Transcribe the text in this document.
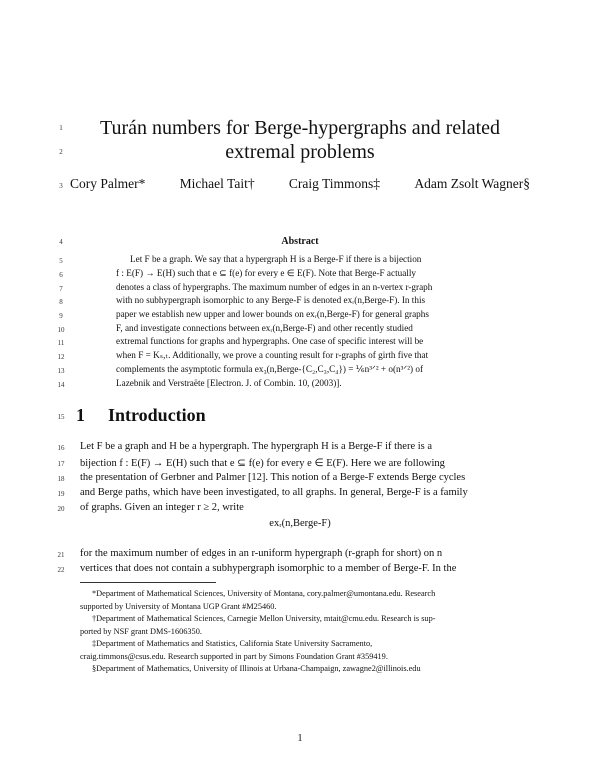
1
2
3
4
5
6
7
8
9
10
11
12
13
14
15
16
17
18
19
20
21
22
Turán numbers for Berge-hypergraphs and related
extremal problems
Cory Palmer*	Michael Tait†	Craig Timmons‡	Adam Zsolt Wagner§
Abstract
Let F be a graph. We say that a hypergraph H is a Berge-F if there is a bijection
f : E(F) → E(H) such that e ⊆ f(e) for every e ∈ E(F). Note that Berge-F actually
denotes a class of hypergraphs. The maximum number of edges in an n-vertex r-graph
with no subhypergraph isomorphic to any Berge-F is denoted exᵣ(n,Berge-F). In this
paper we establish new upper and lower bounds on exᵣ(n,Berge-F) for general graphs
F, and investigate connections between exᵣ(n,Berge-F) and other recently studied
extremal functions for graphs and hypergraphs. One case of specific interest will be
when F = Kₛ,ₜ. Additionally, we prove a counting result for r-graphs of girth five that
complements the asymptotic formula ex₃(n,Berge-{C₂,C₃,C₄}) = ⅙n³ᐟ² + o(n³ᐟ²) of
Lazebnik and Verstraëte [Electron. J. of Combin. 10, (2003)].
1 Introduction
Let F be a graph and H be a hypergraph. The hypergraph H is a Berge-F if there is a
bijection f : E(F) → E(H) such that e ⊆ f(e) for every e ∈ E(F). Here we are following
the presentation of Gerbner and Palmer [12]. This notion of a Berge-F extends Berge cycles
and Berge paths, which have been investigated, to all graphs. In general, Berge-F is a family
of graphs. Given an integer r ≥ 2, write
exᵣ(n,Berge-F)
for the maximum number of edges in an r-uniform hypergraph (r-graph for short) on n
vertices that does not contain a subhypergraph isomorphic to a member of Berge-F. In the
*Department of Mathematical Sciences, University of Montana, cory.palmer@umontana.edu. Research
supported by University of Montana UGP Grant #M25460.
†Department of Mathematical Sciences, Carnegie Mellon University, mtait@cmu.edu. Research is sup-
ported by NSF grant DMS-1606350.
‡Department of Mathematics and Statistics, California State University Sacramento,
craig.timmons@csus.edu. Research supported in part by Simons Foundation Grant #359419.
§Department of Mathematics, University of Illinois at Urbana-Champaign, zawagne2@illinois.edu
1
